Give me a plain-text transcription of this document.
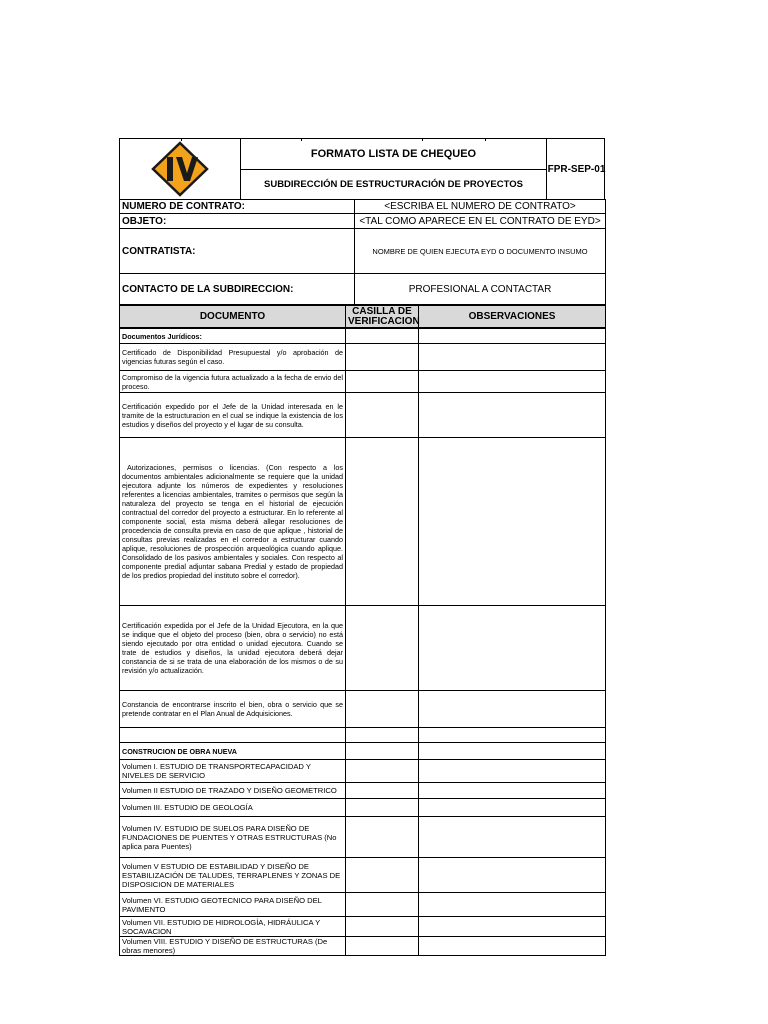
FORMATO LISTA DE CHEQUEO
SUBDIRECCIÓN DE ESTRUCTURACIÓN DE PROYECTOS
FPR-SEP-01
NUMERO DE CONTRATO:	<ESCRIBA EL NUMERO DE CONTRATO>
OBJETO:	<TAL COMO APARECE EN EL CONTRATO DE EYD>
CONTRATISTA:	NOMBRE DE QUIEN EJECUTA EYD O DOCUMENTO INSUMO
CONTACTO DE LA SUBDIRECCION:	PROFESIONAL A CONTACTAR
DOCUMENTO	CASILLA DE VERIFICACION	OBSERVACIONES
Documentos Jurídicos:		
Certificado de Disponibilidad Presupuestal y/o aprobación de vigencias futuras según el caso.		
Compromiso de la vigencia futura actualizado a la fecha de envio del proceso.		
Certificación expedido por el Jefe de la Unidad interesada en le tramite de la estructuracion en el cual se indique la existencia de los estudios y diseños del proyecto y el lugar de su consulta.		
Autorizaciones, permisos o licencias. (Con respecto a los documentos ambientales adicionalmente se requiere que la unidad ejecutora adjunte los números de expedientes y resoluciones referentes a licencias ambientales, tramites o permisos que según la naturaleza del proyecto se tenga en el historial de ejecución contractual del corredor del proyecto a estructurar. En lo referente al componente social, esta misma deberá allegar resoluciones de procedencia de consulta previa en caso de que aplique , historial de consultas previas realizadas en el corredor a estructurar cuando aplique, resoluciones de prospección arqueológica cuando aplique. Consolidado de los pasivos ambientales y sociales. Con respecto al componente predial adjuntar sabana Predial y estado de propiedad de los predios propiedad del instituto sobre el corredor).		
Certificación expedida por el Jefe de la Unidad Ejecutora, en la que se indique que el objeto del proceso (bien, obra o servicio) no está siendo ejecutado por otra entidad o unidad ejecutora. Cuando se trate de estudios y diseños, la unidad ejecutora deberá dejar constancia de si se trata de una elaboración de los mismos o de su revisión y/o actualización.		
Constancia de encontrarse inscrito el bien, obra o servicio que se pretende contratar en el Plan Anual de Adquisiciones.		

CONSTRUCION DE OBRA NUEVA		
Volumen I. ESTUDIO DE TRANSPORTECAPACIDAD Y NIVELES DE SERVICIO		
Volumen II ESTUDIO DE TRAZADO Y DISEÑO GEOMETRICO		
Volumen III. ESTUDIO DE GEOLOGÍA		
Volumen IV. ESTUDIO DE SUELOS PARA DISEÑO DE FUNDACIONES DE PUENTES Y OTRAS ESTRUCTURAS (No aplica para Puentes)		
Volumen V ESTUDIO DE ESTABILIDAD Y DISEÑO DE ESTABILIZACIÓN DE TALUDES, TERRAPLENES Y ZONAS DE DISPOSICION DE MATERIALES		
Volumen VI. ESTUDIO GEOTECNICO PARA DISEÑO DEL PAVIMENTO		
Volumen VII. ESTUDIO DE HIDROLOGÍA, HIDRÁULICA Y SOCAVACION		
Volumen VIII. ESTUDIO Y DISEÑO DE ESTRUCTURAS (De obras menores)		
